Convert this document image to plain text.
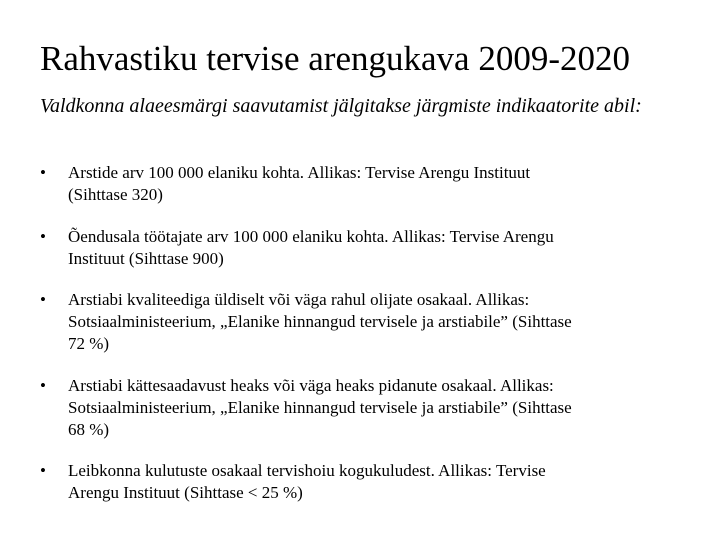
Rahvastiku tervise arengukava 2009-2020
Valdkonna alaeesmärgi saavutamist jälgitakse järgmiste indikaatorite abil:
•	Arstide arv 100 000 elaniku kohta. Allikas: Tervise Arengu Instituut
(Sihttase 320)
•	Õendusala töötajate arv 100 000 elaniku kohta. Allikas: Tervise Arengu
Instituut (Sihttase 900)
•	Arstiabi kvaliteediga üldiselt või väga rahul olijate osakaal. Allikas:
Sotsiaalministeerium, „Elanike hinnangud tervisele ja arstiabile” (Sihttase
72 %)
•	Arstiabi kättesaadavust heaks või väga heaks pidanute osakaal. Allikas:
Sotsiaalministeerium, „Elanike hinnangud tervisele ja arstiabile” (Sihttase
68 %)
•	Leibkonna kulutuste osakaal tervishoiu kogukuludest. Allikas: Tervise
Arengu Instituut (Sihttase < 25 %)
